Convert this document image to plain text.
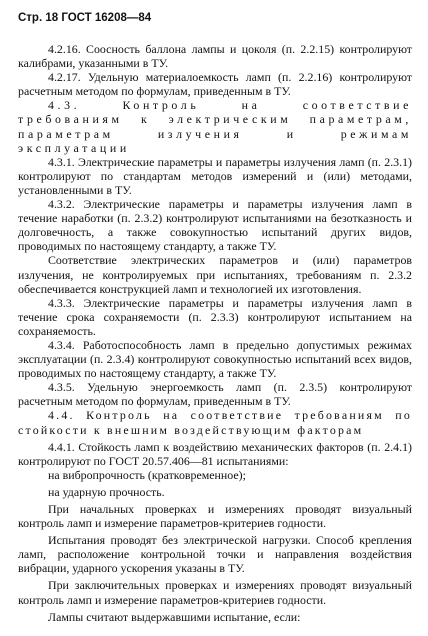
Стр. 18 ГОСТ 16208—84

4.2.16. Соосность баллона лампы и цоколя (п. 2.2.15) контролируют калибрами, указанными в ТУ.

4.2.17. Удельную материалоемкость ламп (п. 2.2.16) контролируют расчетным методом по формулам, приведенным в ТУ.

4.3. Контроль на соответствие требованиям к электрическим параметрам, параметрам излучения и режимам эксплуатации

4.3.1. Электрические параметры и параметры излучения ламп (п. 2.3.1) контролируют по стандартам методов измерений и (или) методами, установленными в ТУ.

4.3.2. Электрические параметры и параметры излучения ламп в течение наработки (п. 2.3.2) контролируют испытаниями на безотказность и долговечность, а также совокупностью испытаний других видов, проводимых по настоящему стандарту, а также ТУ.

Соответствие электрических параметров и (или) параметров излучения, не контролируемых при испытаниях, требованиям п. 2.3.2 обеспечивается конструкцией ламп и технологией их изготовления.

4.3.3. Электрические параметры и параметры излучения ламп в течение срока сохраняемости (п. 2.3.3) контролируют испытанием на сохраняемость.

4.3.4. Работоспособность ламп в предельно допустимых режимах эксплуатации (п. 2.3.4) контролируют совокупностью испытаний всех видов, проводимых по настоящему стандарту, а также ТУ.

4.3.5. Удельную энергоемкость ламп (п. 2.3.5) контролируют расчетным методом по формулам, приведенным в ТУ.

4.4. Контроль на соответствие требованиям по стойкости к внешним воздействующим факторам

4.4.1. Стойкость ламп к воздействию механических факторов (п. 2.4.1) контролируют по ГОСТ 20.57.406—81 испытаниями:

на вибропрочность (кратковременное);

на ударную прочность.

При начальных проверках и измерениях проводят визуальный контроль ламп и измерение параметров-критериев годности.

Испытания проводят без электрической нагрузки. Способ крепления ламп, расположение контрольной точки и направления воздействия вибрации, ударного ускорения указаны в ТУ.

При заключительных проверках и измерениях проводят визуальный контроль ламп и измерение параметров-критериев годности.

Лампы считают выдержавшими испытание, если:
